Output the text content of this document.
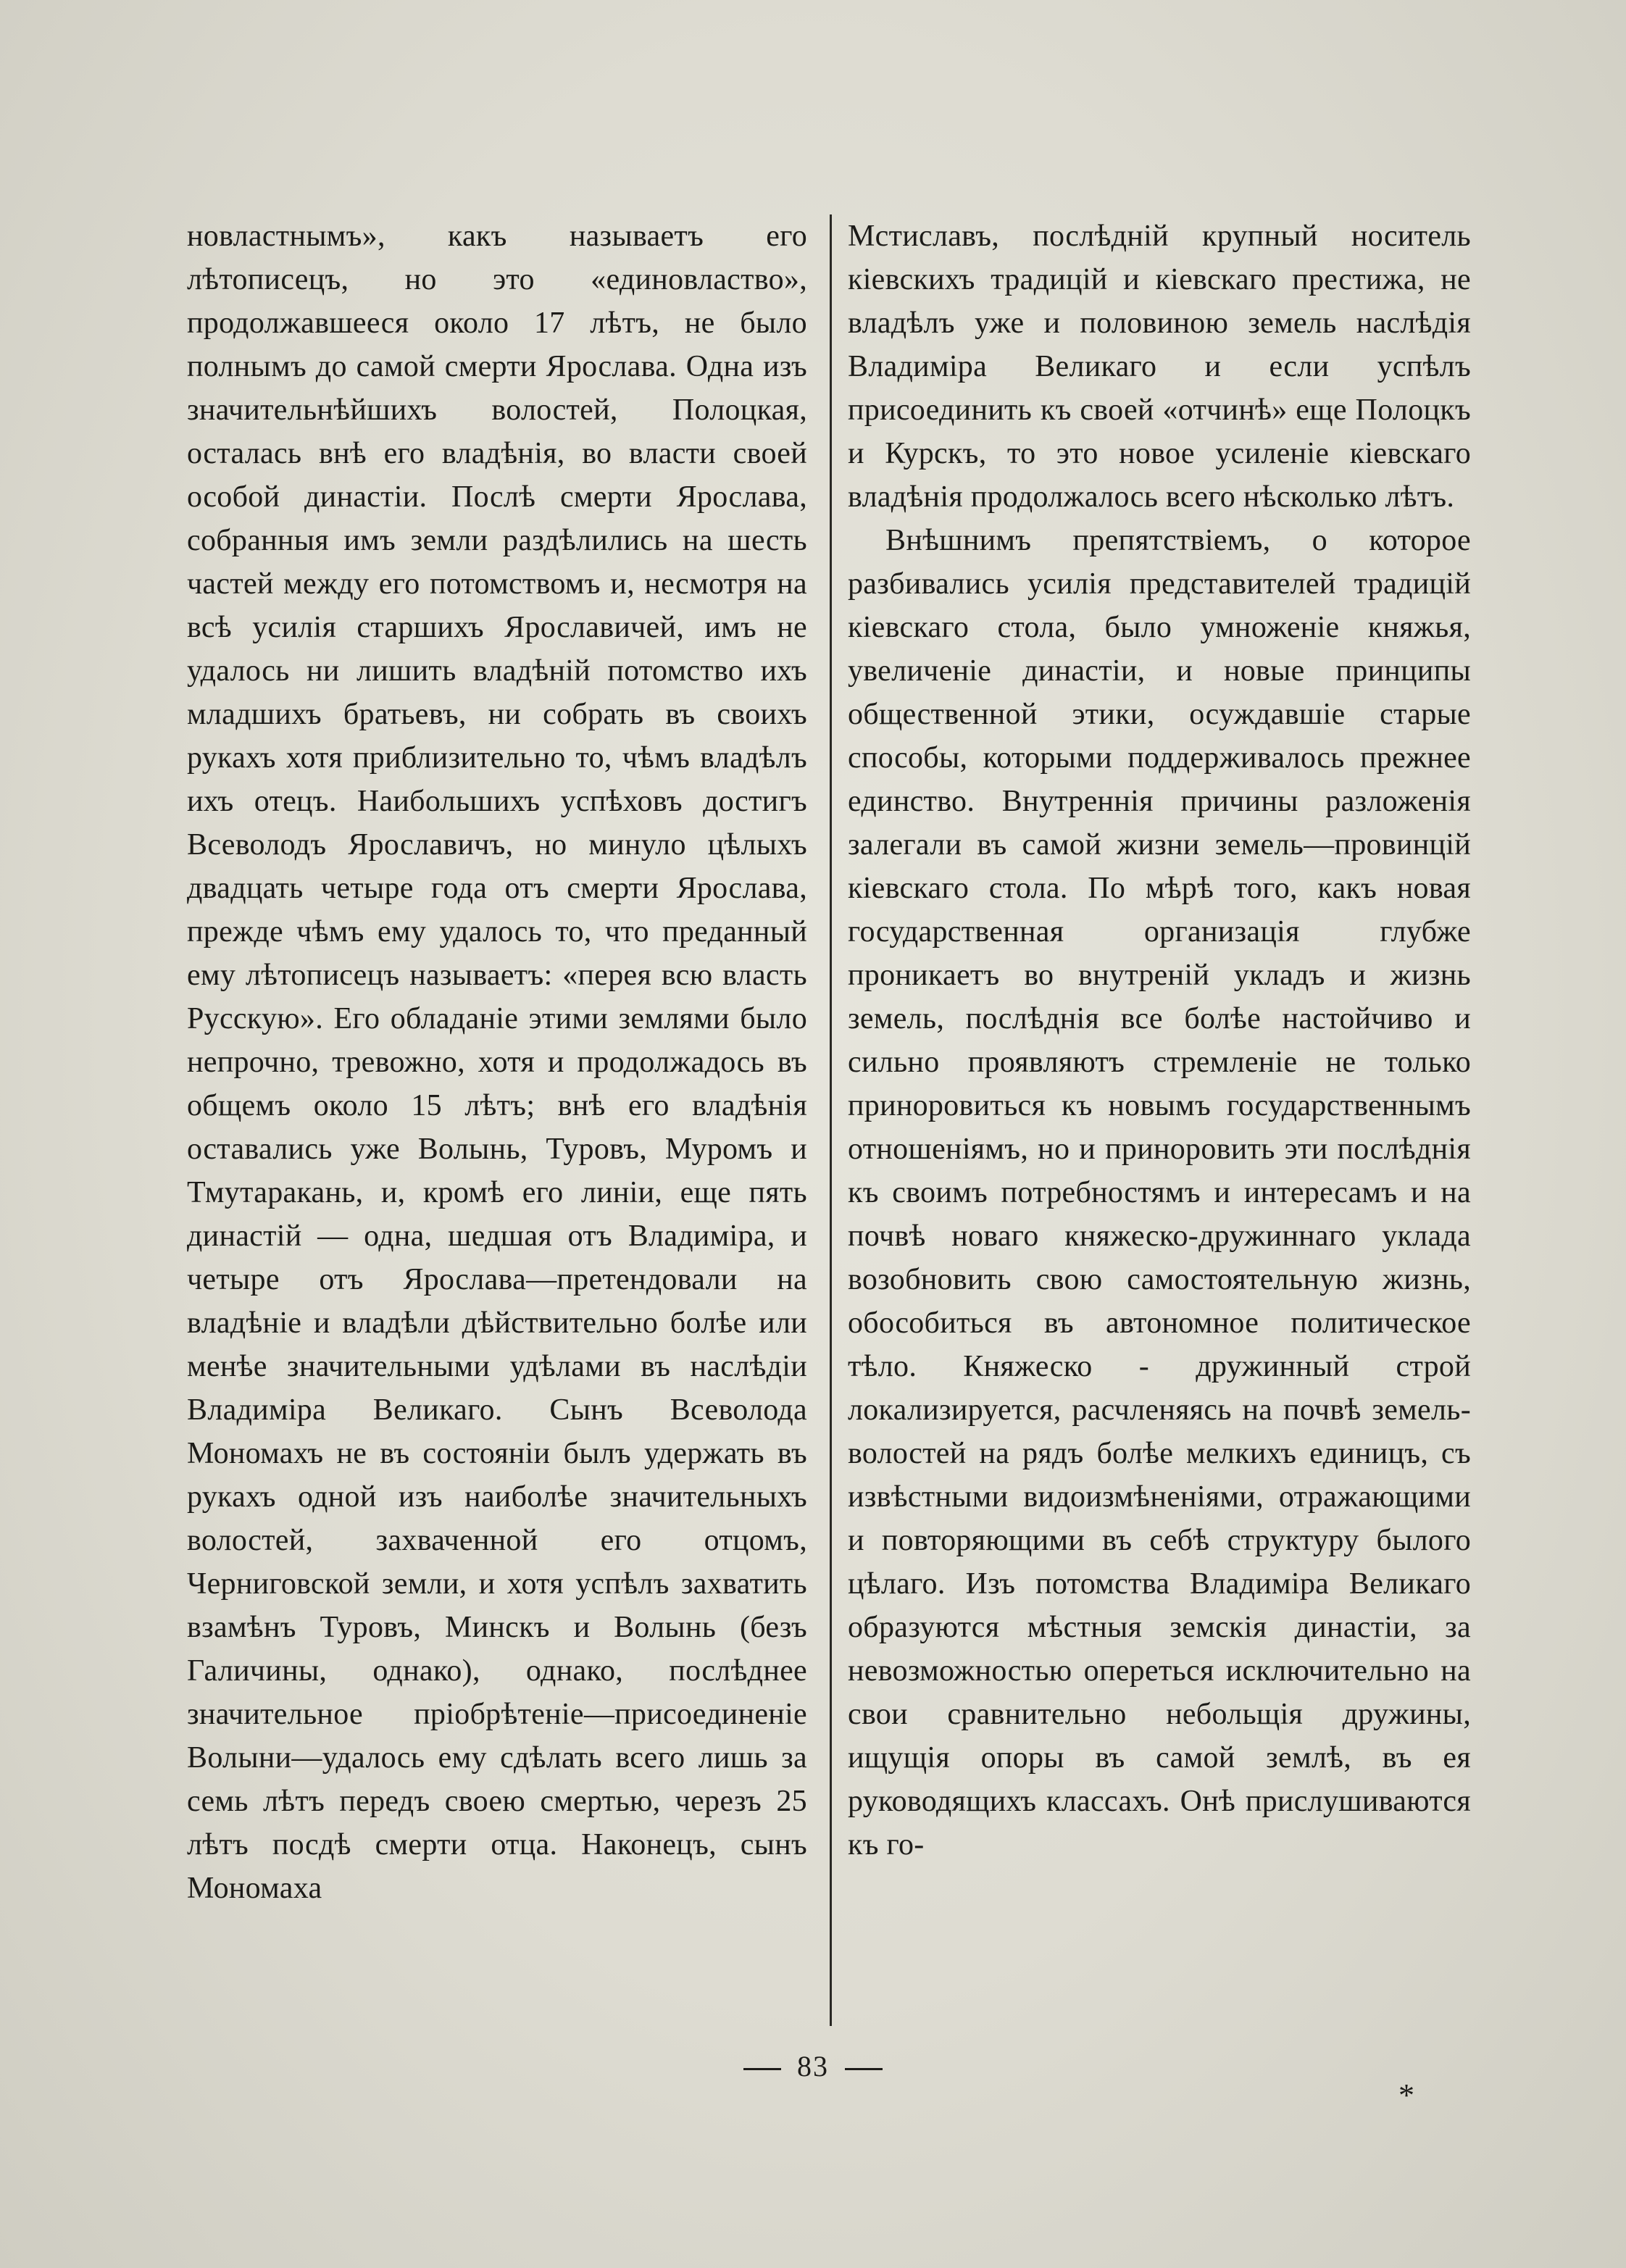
новластнымъ», какъ называетъ его лѣтописецъ, но это «единовластво», продолжавшееся около 17 лѣтъ, не было полнымъ до самой смерти Ярослава. Одна изъ значительнѣйшихъ волостей, Полоцкая, осталась внѣ его владѣнія, во власти своей особой династіи. Послѣ смерти Ярослава, собранныя имъ земли раздѣлились на шесть частей между его потомствомъ и, несмотря на всѣ усилія старшихъ Ярославичей, имъ не удалось ни лишить владѣній потомство ихъ младшихъ братьевъ, ни собрать въ своихъ рукахъ хотя приблизительно то, чѣмъ владѣлъ ихъ отецъ. Наибольшихъ успѣховъ достигъ Всеволодъ Ярославичъ, но минуло цѣлыхъ двадцать четыре года отъ смерти Ярослава, прежде чѣмъ ему удалось то, что преданный ему лѣтописецъ называетъ: «перея всю власть Русскую». Его обладаніе этими землями было непрочно, тревожно, хотя и продолжадось въ общемъ около 15 лѣтъ; внѣ его владѣнія оставались уже Волынь, Туровъ, Муромъ и Тмутаракань, и, кромѣ его линіи, еще пять династій — одна, шедшая отъ Владиміра, и четыре отъ Ярослава—претендовали на владѣніе и владѣли дѣйствительно болѣе или менѣе значительными удѣлами въ наслѣдіи Владиміра Великаго. Сынъ Всеволода Мономахъ не въ состояніи былъ удержать въ рукахъ одной изъ наиболѣе значительныхъ волостей, захваченной его отцомъ, Черниговской земли, и хотя успѣлъ захватить взамѣнъ Туровъ, Минскъ и Волынь (безъ Галичины, однако), однако, послѣднее значительное пріобрѣтеніе—присоединеніе Волыни—удалось ему сдѣлать всего лишь за семь лѣтъ передъ своею смертью, черезъ 25 лѣтъ посдѣ смерти отца. Наконецъ, сынъ Мономаха

Мстиславъ, послѣдній крупный носитель кіевскихъ традицій и кіевскаго престижа, не владѣлъ уже и половиною земель наслѣдія Владиміра Великаго и если успѣлъ присоединить къ своей «отчинѣ» еще Полоцкъ и Курскъ, то это новое усиленіе кіевскаго владѣнія продолжалось всего нѣсколько лѣтъ.

Внѣшнимъ препятствіемъ, о которое разбивались усилія представителей традицій кіевскаго стола, было умноженіе княжья, увеличеніе династіи, и новые принципы общественной этики, осуждавшіе старые способы, которыми поддерживалось прежнее единство. Внутреннія причины разложенія залегали въ самой жизни земель—провинцій кіевскаго стола. По мѣрѣ того, какъ новая государственная организація глубже проникаетъ во внутреній укладъ и жизнь земель, послѣднія все болѣе настойчиво и сильно проявляютъ стремленіе не только приноровиться къ новымъ государственнымъ отношеніямъ, но и приноровить эти послѣднія къ своимъ потребностямъ и интересамъ и на почвѣ новаго княжеско-дружиннаго уклада возобновить свою самостоятельную жизнь, обособиться въ автономное политическое тѣло. Княжеско - дружинный строй локализируется, расчленяясь на почвѣ земель-волостей на рядъ болѣе мелкихъ единицъ, съ извѣстными видоизмѣненіями, отражающими и повторяющими въ себѣ структуру былого цѣлаго. Изъ потомства Владиміра Великаго образуются мѣстныя земскія династіи, за невозможностью опереться исключительно на свои сравнительно небольщія дружины, ищущія опоры въ самой землѣ, въ ея руководящихъ классахъ. Онѣ прислушиваются къ го-

83
*
